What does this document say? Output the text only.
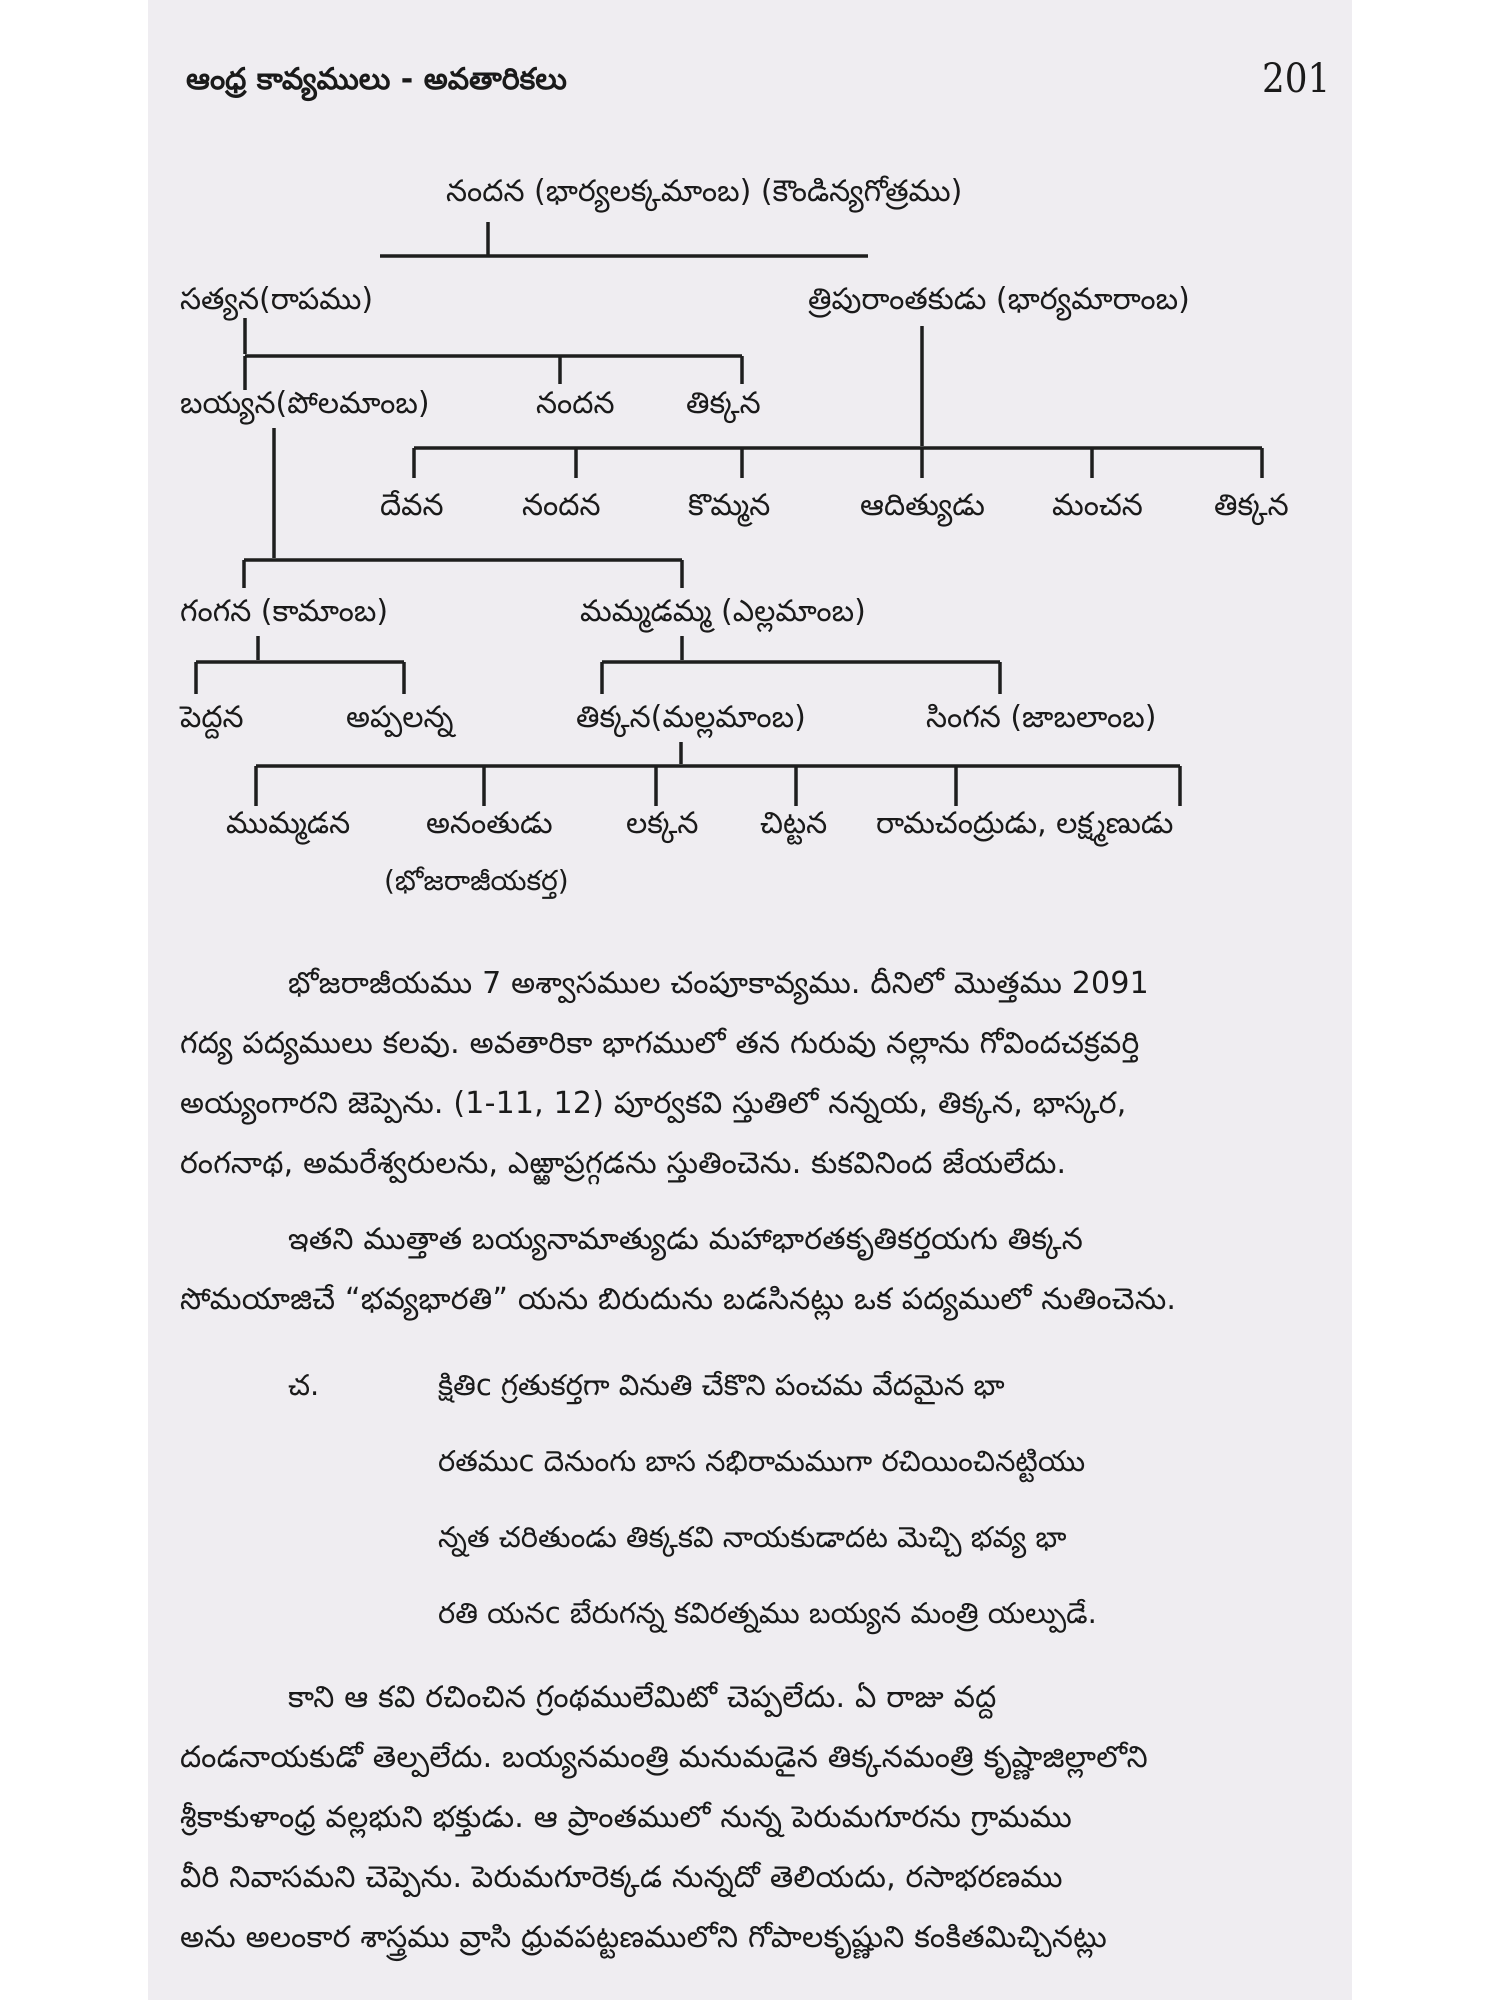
ఆంధ్ర కావ్యములు - అవతారికలు	201
నందన (భార్యలక్కమాంబ) (కౌండిన్యగోత్రము)
సత్యన(రాపము)	త్రిపురాంతకుడు (భార్యమారాంబ)
బయ్యన(పోలమాంబ)	నందన తిక్కన
దేవన	నందన	కొమ్మన	ఆదిత్యుడు మంచన తిక్కన
గంగన (కామాంబ)	మమ్మడమ్మ (ఎల్లమాంబ)
పెద్దన	అప్పలన్న	తిక్కన(మల్లమాంబ)	సింగన (జాబలాంబ)
ముమ్మడన	అనంతుడు లక్కన చిట్టన రామచంద్రుడు, లక్ష్మణుడు
(భోజరాజీయకర్త)
భోజరాజీయము 7 అశ్వాసముల చంపూకావ్యము. దీనిలో మొత్తము 2091
గద్య పద్యములు కలవు. అవతారికా భాగములో తన గురువు నల్లాను గోవిందచక్రవర్తి
అయ్యంగారని జెప్పెను. (1-11, 12) పూర్వకవి స్తుతిలో నన్నయ, తిక్కన, భాస్కర,
రంగనాథ, అమరేశ్వరులను, ఎఱ్ఱాప్రగ్గడను స్తుతించెను. కుకవినింద జేయలేదు.
ఇతని ముత్తాత బయ్యనామాత్యుడు మహాభారతకృతికర్తయగు తిక్కన
సోమయాజిచే “భవ్యభారతి” యను బిరుదును బడసినట్లు ఒక పద్యములో నుతించెను.
చ.	క్షితిc గ్రతుకర్తగా వినుతి చేకొని పంచమ వేదమైన భా
రతముc దెనుంగు బాస నభిరామముగా రచియించినట్టియు
న్నత చరితుండు తిక్కకవి నాయకుడాదట మెచ్చి భవ్య భా
రతి యనc బేరుగన్న కవిరత్నము బయ్యన మంత్రి యల్పుడే.
కాని ఆ కవి రచించిన గ్రంథములేమిటో చెప్పలేదు. ఏ రాజు వద్ద
దండనాయకుడో తెల్పలేదు. బయ్యనమంత్రి మనుమడైన తిక్కనమంత్రి కృష్ణాజిల్లాలోని
శ్రీకాకుళాంధ్ర వల్లభుని భక్తుడు. ఆ ప్రాంతములో నున్న పెరుమగూరను గ్రామము
వీరి నివాసమని చెప్పెను. పెరుమగూరెక్కడ నున్నదో తెలియదు, రసాభరణము
అను అలంకార శాస్త్రము వ్రాసి ధ్రువపట్టణములోని గోపాలకృష్ణుని కంకితమిచ్చినట్లు
